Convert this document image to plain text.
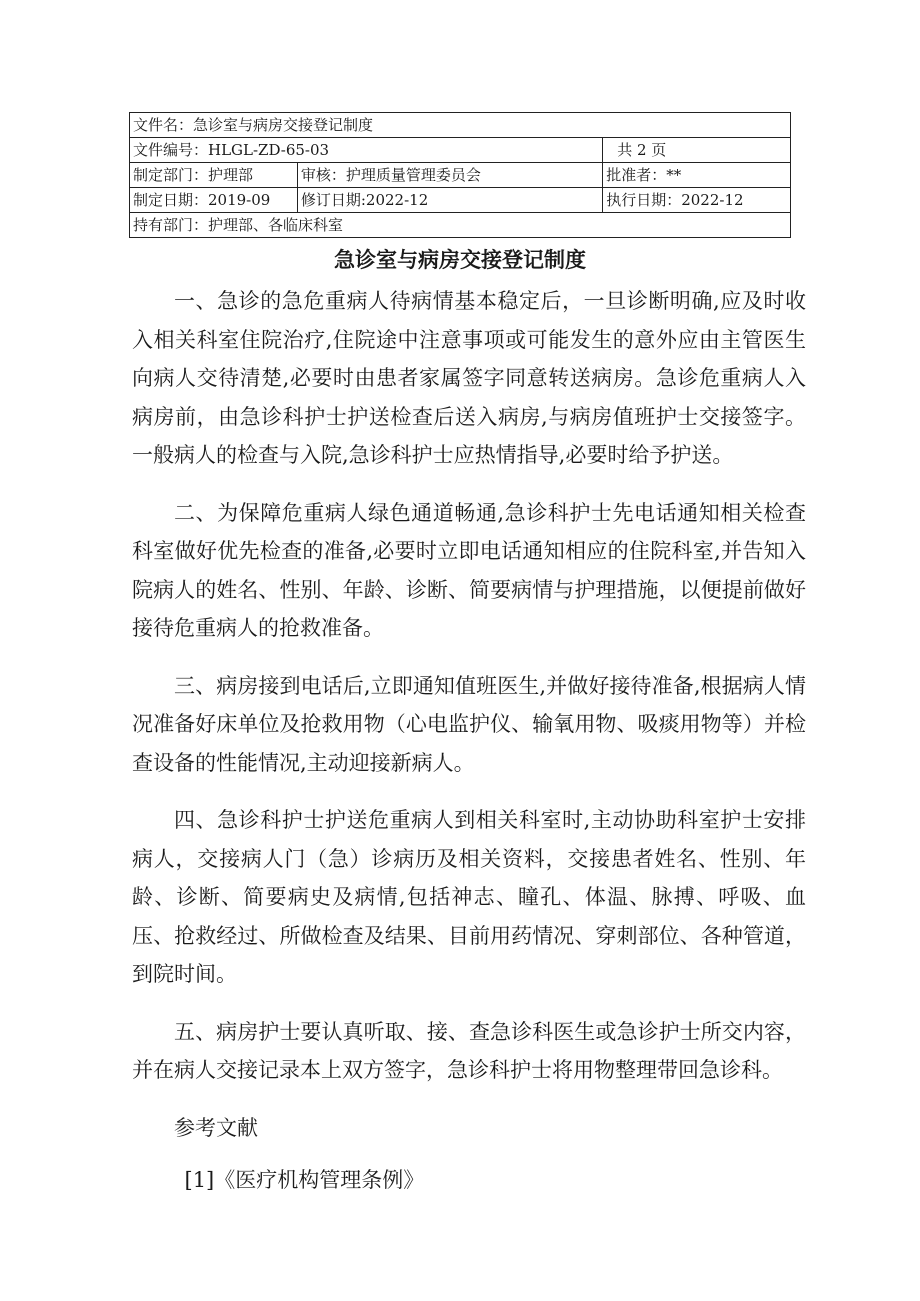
文件名：急诊室与病房交接登记制度		
文件编号：HLGL-ZD-65-03		共 2 页
制定部门：护理部	审核：护理质量管理委员会	批准者：**
制定日期：2019-09	修订日期:2022-12	执行日期：2022-12
持有部门：护理部、各临床科室		
急诊室与病房交接登记制度

一、急诊的急危重病人待病情基本稳定后，一旦诊断明确,应及时收入相关科室住院治疗,住院途中注意事项或可能发生的意外应由主管医生向病人交待清楚,必要时由患者家属签字同意转送病房。急诊危重病人入病房前，由急诊科护士护送检查后送入病房,与病房值班护士交接签字。一般病人的检查与入院,急诊科护士应热情指导,必要时给予护送。

二、为保障危重病人绿色通道畅通,急诊科护士先电话通知相关检查科室做好优先检查的准备,必要时立即电话通知相应的住院科室,并告知入院病人的姓名、性别、年龄、诊断、简要病情与护理措施，以便提前做好接待危重病人的抢救准备。

三、病房接到电话后,立即通知值班医生,并做好接待准备,根据病人情况准备好床单位及抢救用物（心电监护仪、输氧用物、吸痰用物等）并检查设备的性能情况,主动迎接新病人。

四、急诊科护士护送危重病人到相关科室时,主动协助科室护士安排病人，交接病人门（急）诊病历及相关资料，交接患者姓名、性别、年龄、诊断、简要病史及病情,包括神志、瞳孔、体温、脉搏、呼吸、血压、抢救经过、所做检查及结果、目前用药情况、穿刺部位、各种管道，到院时间。

五、病房护士要认真听取、接、查急诊科医生或急诊护士所交内容，并在病人交接记录本上双方签字，急诊科护士将用物整理带回急诊科。

参考文献
[1]《医疗机构管理条例》
